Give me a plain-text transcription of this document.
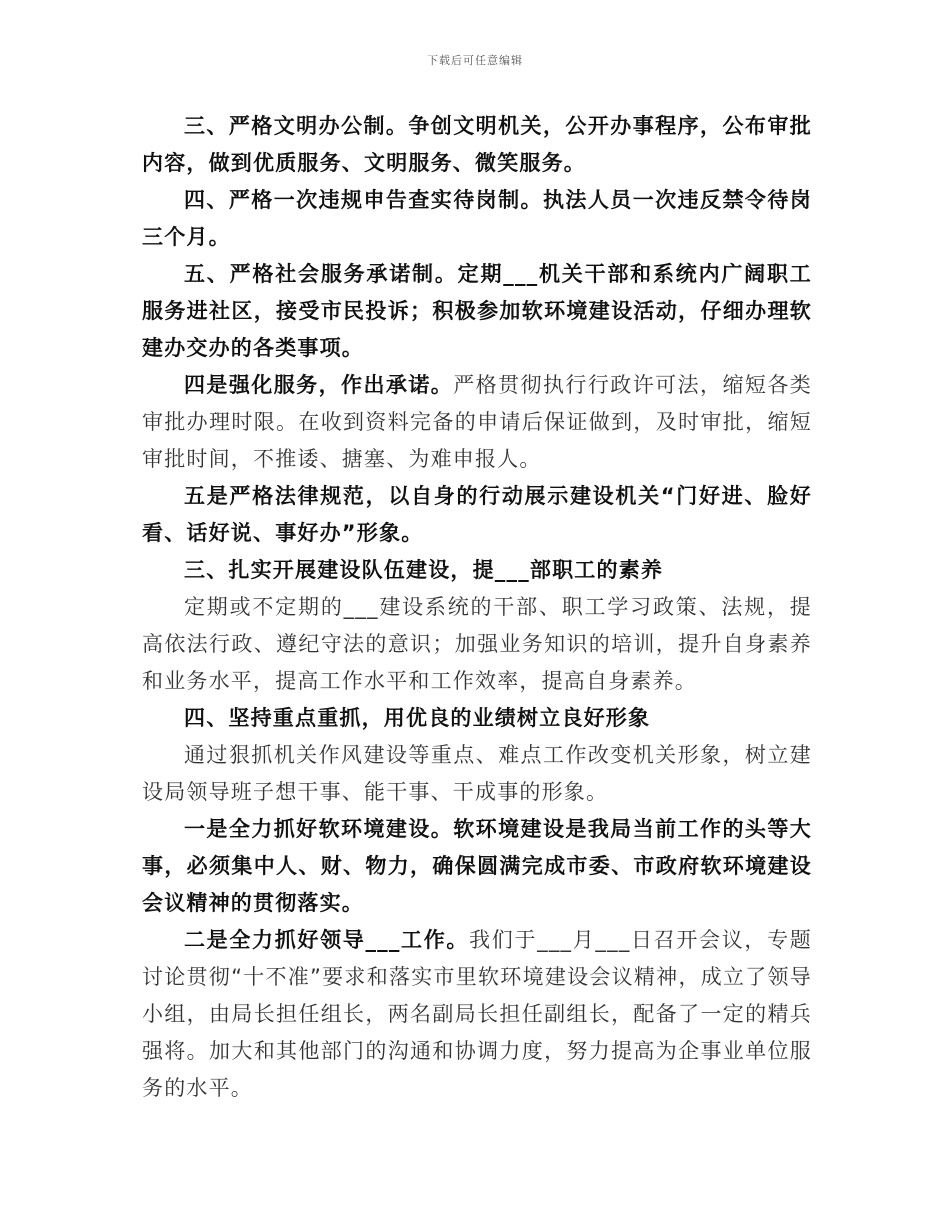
下载后可任意编辑

三、严格文明办公制。争创文明机关，公开办事程序，公布审批内容，做到优质服务、文明服务、微笑服务。

四、严格一次违规申告查实待岗制。执法人员一次违反禁令待岗三个月。

五、严格社会服务承诺制。定期___机关干部和系统内广阔职工服务进社区，接受市民投诉；积极参加软环境建设活动，仔细办理软建办交办的各类事项。

四是强化服务，作出承诺。严格贯彻执行行政许可法，缩短各类审批办理时限。在收到资料完备的申请后保证做到，及时审批，缩短审批时间，不推诿、搪塞、为难申报人。

五是严格法律规范，以自身的行动展示建设机关“门好进、脸好看、话好说、事好办”形象。

三、扎实开展建设队伍建设，提___部职工的素养

定期或不定期的___建设系统的干部、职工学习政策、法规，提高依法行政、遵纪守法的意识；加强业务知识的培训，提升自身素养和业务水平，提高工作水平和工作效率，提高自身素养。

四、坚持重点重抓，用优良的业绩树立良好形象

通过狠抓机关作风建设等重点、难点工作改变机关形象，树立建设局领导班子想干事、能干事、干成事的形象。

一是全力抓好软环境建设。软环境建设是我局当前工作的头等大事，必须集中人、财、物力，确保圆满完成市委、市政府软环境建设会议精神的贯彻落实。

二是全力抓好领导___工作。我们于___月___日召开会议，专题讨论贯彻“十不准”要求和落实市里软环境建设会议精神，成立了领导小组，由局长担任组长，两名副局长担任副组长，配备了一定的精兵强将。加大和其他部门的沟通和协调力度，努力提高为企事业单位服务的水平。
